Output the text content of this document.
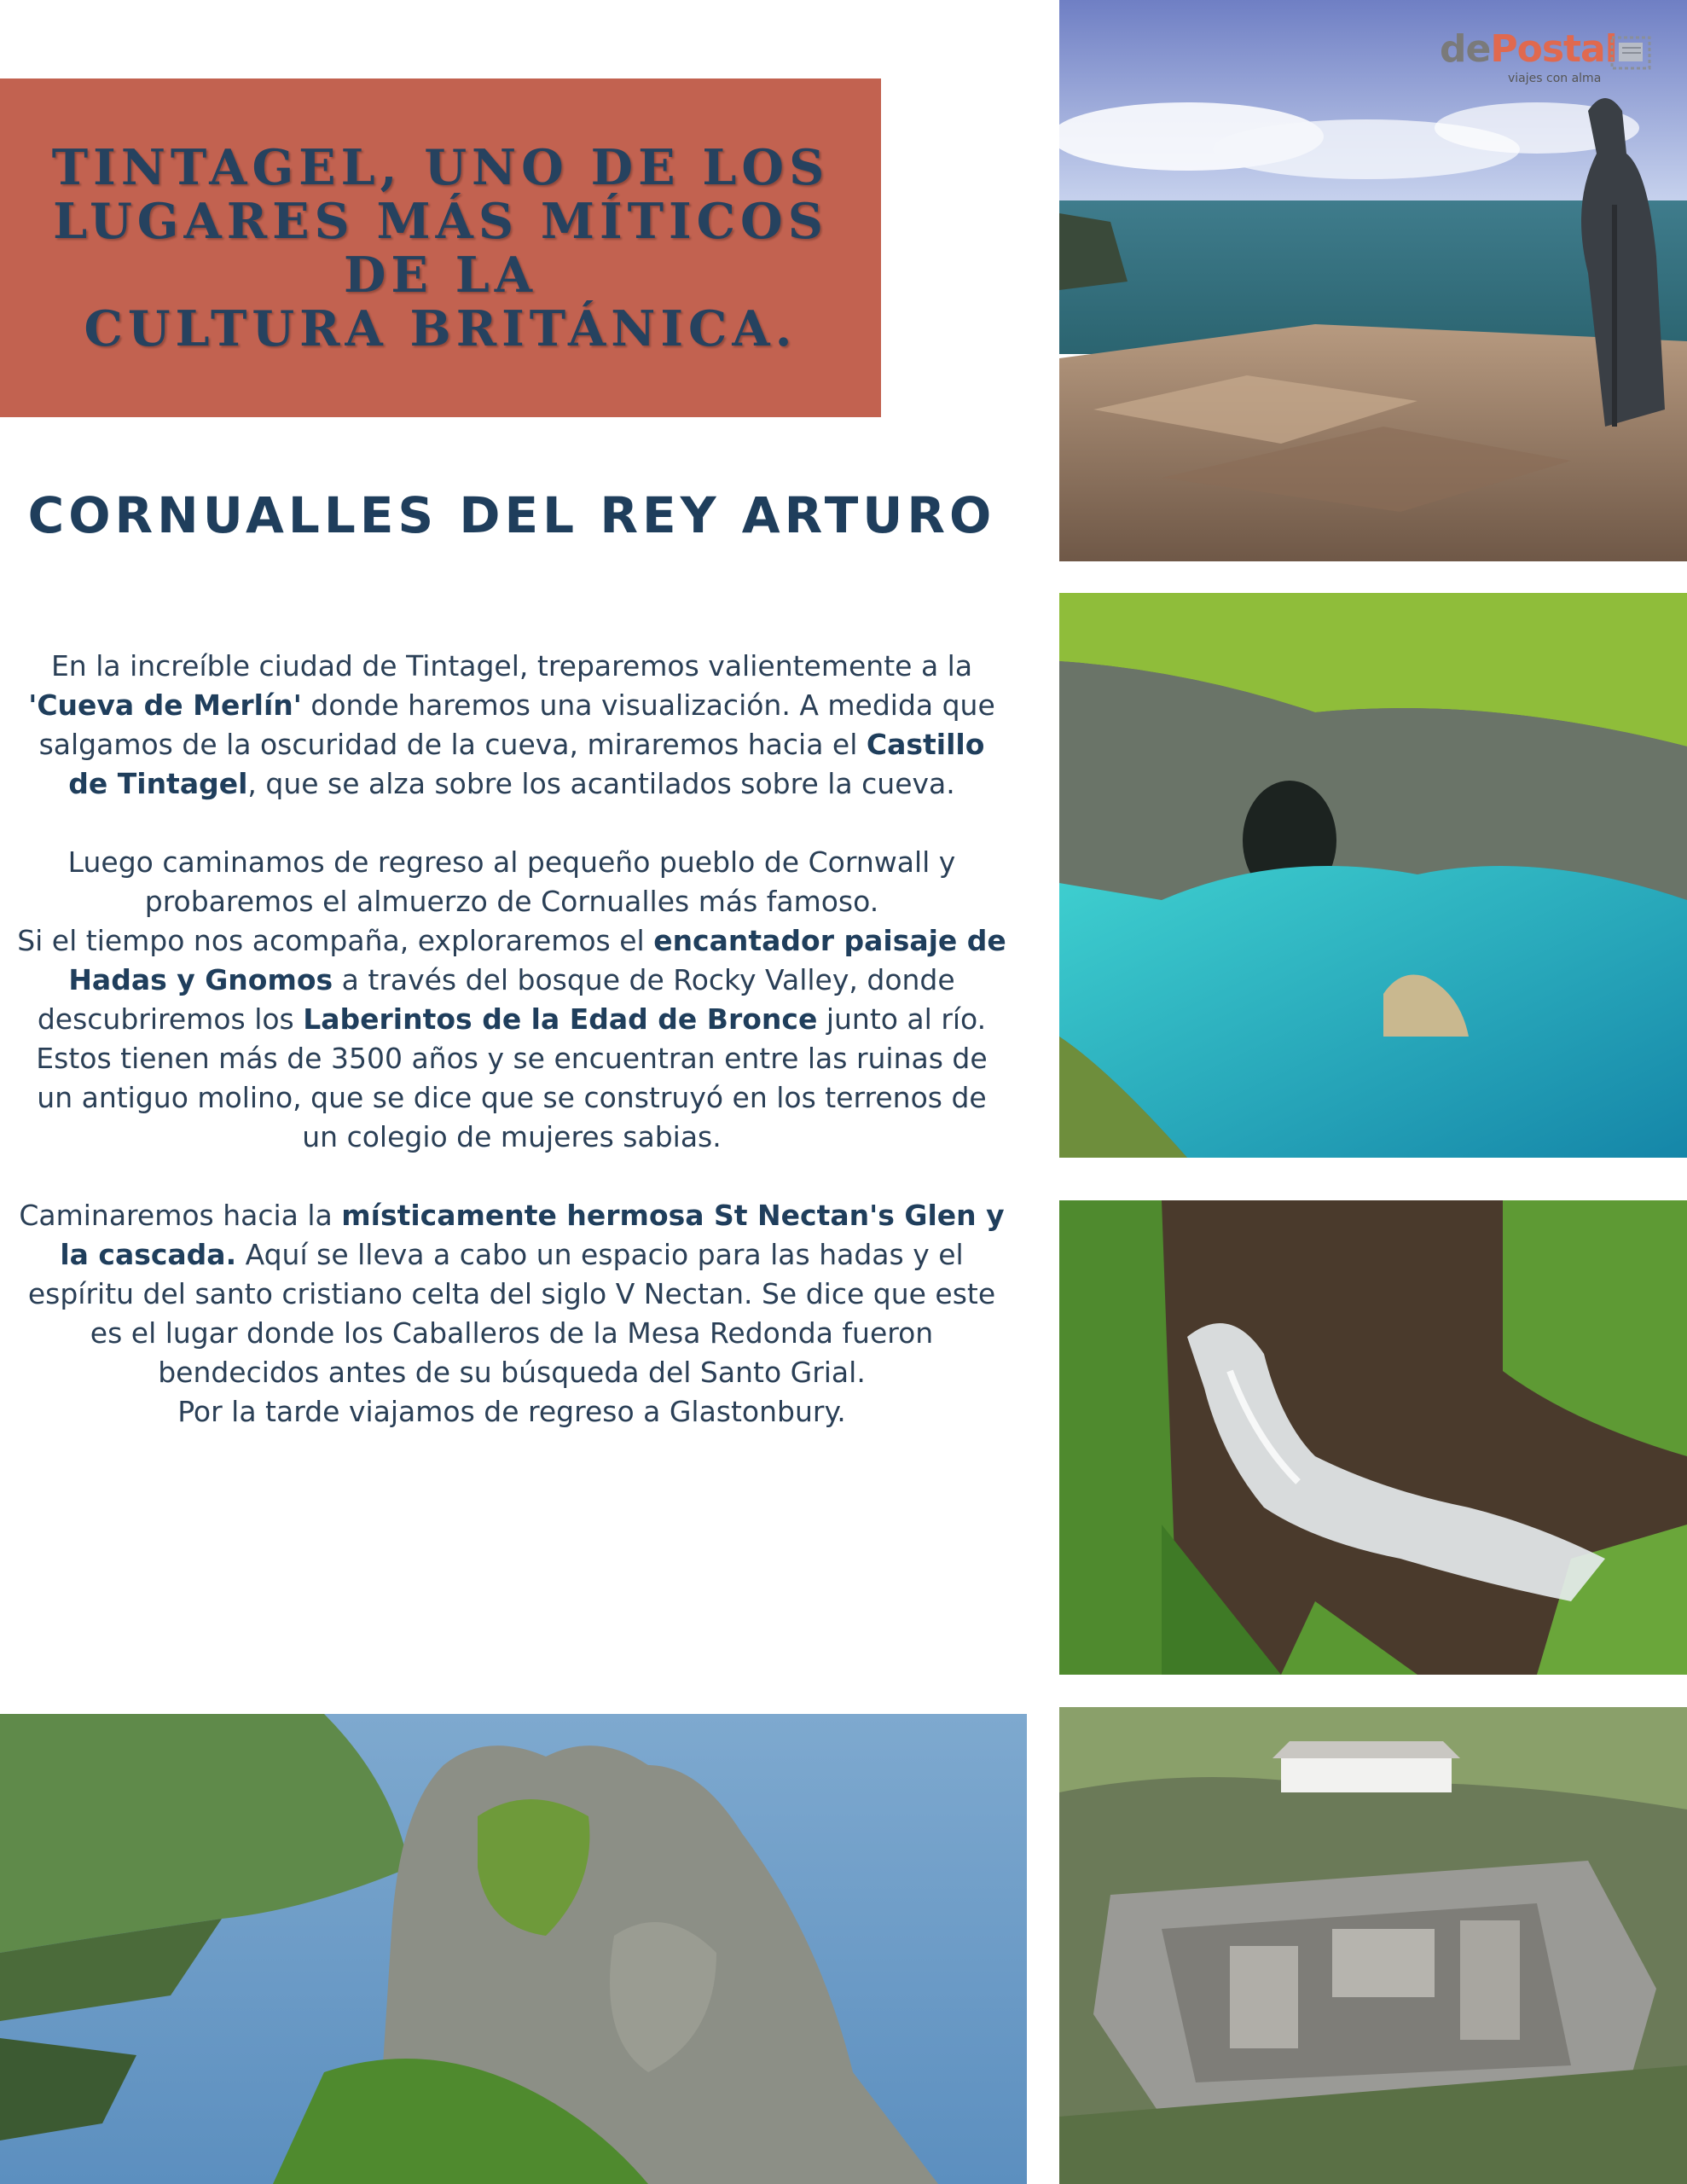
TINTAGEL, UNO DE LOS
LUGARES MÁS MÍTICOS DE LA
CULTURA BRITÁNICA.
CORNUALLES DEL REY ARTURO

En la increíble ciudad de Tintagel, treparemos valientemente a la 'Cueva de Merlín' donde haremos una visualización. A medida que salgamos de la oscuridad de la cueva, miraremos hacia el Castillo de Tintagel, que se alza sobre los acantilados sobre la cueva.

Luego caminamos de regreso al pequeño pueblo de Cornwall y probaremos el almuerzo de Cornualles más famoso.

Si el tiempo nos acompaña, exploraremos el encantador paisaje de Hadas y Gnomos a través del bosque de Rocky Valley, donde descubriremos los Laberintos de la Edad de Bronce junto al río. Estos tienen más de 3500 años y se encuentran entre las ruinas de un antiguo molino, que se dice que se construyó en los terrenos de un colegio de mujeres sabias.

Caminaremos hacia la místicamente hermosa St Nectan's Glen y la cascada. Aquí se lleva a cabo un espacio para las hadas y el espíritu del santo cristiano celta del siglo V Nectan. Se dice que este es el lugar donde los Caballeros de la Mesa Redonda fueron bendecidos antes de su búsqueda del Santo Grial.

Por la tarde viajamos de regreso a Glastonbury.

dePostal
viajes con alma
